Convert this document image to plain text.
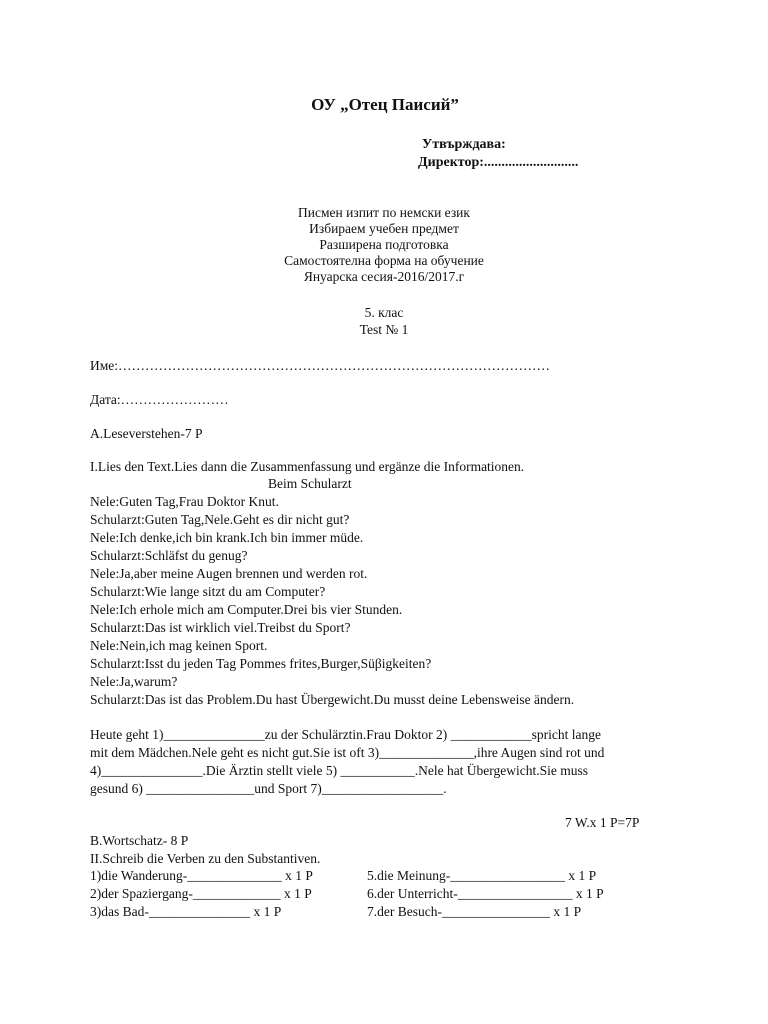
ОУ „Отец Паисий”
Утвърждава:
Директор:...........................
Писмен изпит по немски език
Избираем учебен предмет
Разширена подготовка
Самостоятелна форма на обучение
Януарска сесия-2016/2017.г
5. клас
Test № 1
Име:……………………………………………………………………………………
Дата:……………………
A.Leseverstehen-7 P
I.Lies den Text.Lies dann die Zusammenfassung und ergänze die Informationen.
Beim Schularzt
Nele:Guten Tag,Frau Doktor Knut.
Schularzt:Guten Tag,Nele.Geht es dir nicht gut?
Nele:Ich denke,ich bin krank.Ich bin immer müde.
Schularzt:Schläfst du genug?
Nele:Ja,aber meine Augen brennen und werden rot.
Schularzt:Wie lange sitzt du am Computer?
Nele:Ich erhole mich am Computer.Drei bis vier Stunden.
Schularzt:Das ist wirklich viel.Treibst du Sport?
Nele:Nein,ich mag keinen Sport.
Schularzt:Isst du jeden Tag Pommes frites,Burger,Süβigkeiten?
Nele:Ja,warum?
Schularzt:Das ist das Problem.Du hast Übergewicht.Du musst deine Lebensweise ändern.
Heute geht 1)_______________zu der Schulärztin.Frau Doktor 2) ____________spricht lange
mit dem Mädchen.Nele geht es nicht gut.Sie ist oft 3)______________,ihre Augen sind rot und
4)_______________.Die Ärztin stellt viele 5) ___________.Nele hat Übergewicht.Sie muss
gesund 6) ________________und Sport 7)__________________.
7 W.x 1 P=7P
B.Wortschatz- 8 P
II.Schreib die Verben zu den Substantiven.
1)die Wanderung-______________ x 1 P
2)der Spaziergang-_____________ x 1 P
3)das Bad-_______________ x 1 P
5.die Meinung-_________________ x 1 P
6.der Unterricht-_________________ x 1 P
7.der Besuch-________________ x 1 P
